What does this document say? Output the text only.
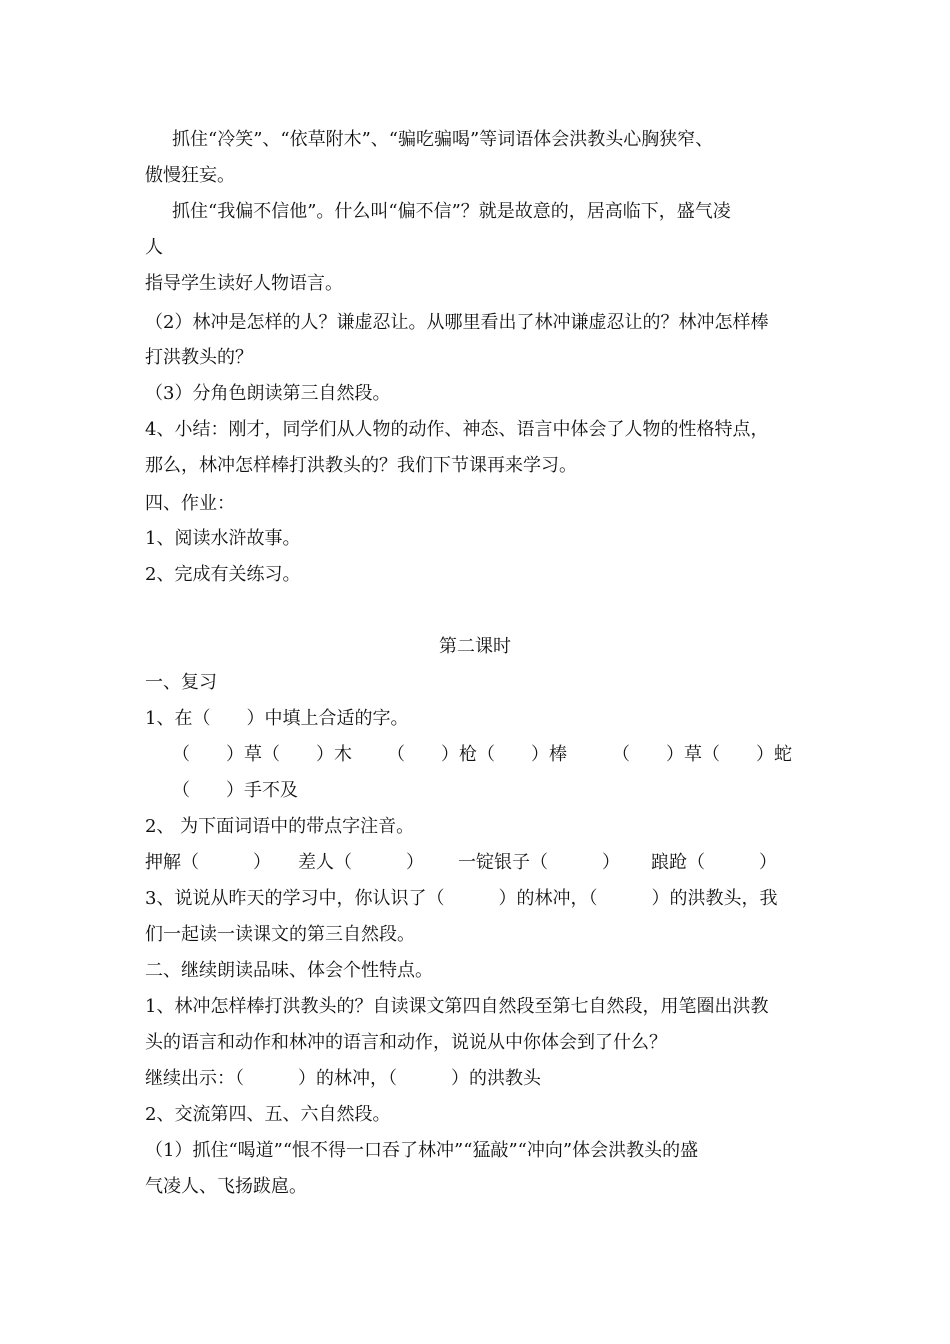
抓住“冷笑”、“依草附木”、“骗吃骗喝”等词语体会洪教头心胸狭窄、
傲慢狂妄。
抓住“我偏不信他”。什么叫“偏不信”？就是故意的，居高临下，盛气凌
人
指导学生读好人物语言。
（2）林冲是怎样的人？谦虚忍让。从哪里看出了林冲谦虚忍让的？林冲怎样棒
打洪教头的？
（3）分角色朗读第三自然段。
4、小结：刚才，同学们从人物的动作、神态、语言中体会了人物的性格特点，
那么，林冲怎样棒打洪教头的？我们下节课再来学习。
四、作业：
1、阅读水浒故事。
2、完成有关练习。
第二课时
一、复习
1、在（　　）中填上合适的字。
（　　）草（　　）木 （　　）枪（　　）棒	（　　）草（　　）蛇
（　　）手不及
2、 为下面词语中的带点字注音。
押解（　　　） 差人（　　　） 一锭银子（　　　） 踉跄（　　　）
3、说说从昨天的学习中，你认识了（　　　）的林冲，（　　　）的洪教头，我
们一起读一读课文的第三自然段。
二、继续朗读品味、体会个性特点。
1、林冲怎样棒打洪教头的？自读课文第四自然段至第七自然段，用笔圈出洪教
头的语言和动作和林冲的语言和动作，说说从中你体会到了什么？
继续出示：（　　　）的林冲，（　　　）的洪教头
2、交流第四、五、六自然段。
（1）抓住“喝道”“恨不得一口吞了林冲”“猛敲”“冲向”体会洪教头的盛
气凌人、飞扬跋扈。
